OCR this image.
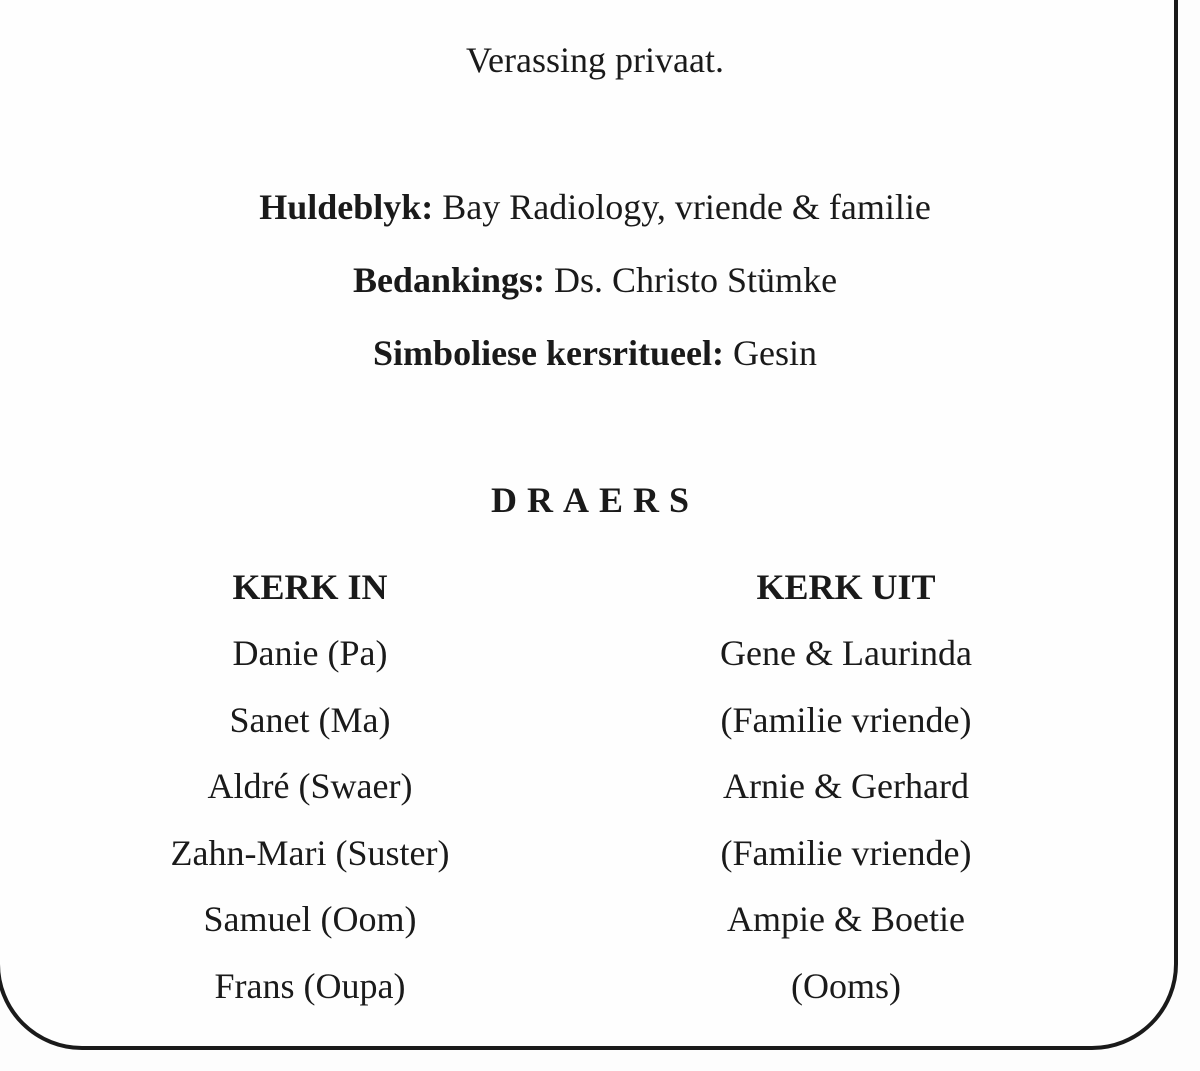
Verassing privaat.
Huldeblyk: Bay Radiology, vriende & familie
Bedankings: Ds. Christo Stümke
Simboliese kersritueel: Gesin
DRAERS
KERK IN
Danie (Pa)
Sanet (Ma)
Aldré (Swaer)
Zahn-Mari (Suster)
Samuel (Oom)
Frans (Oupa)
KERK UIT
Gene & Laurinda
(Familie vriende)
Arnie & Gerhard
(Familie vriende)
Ampie & Boetie
(Ooms)
